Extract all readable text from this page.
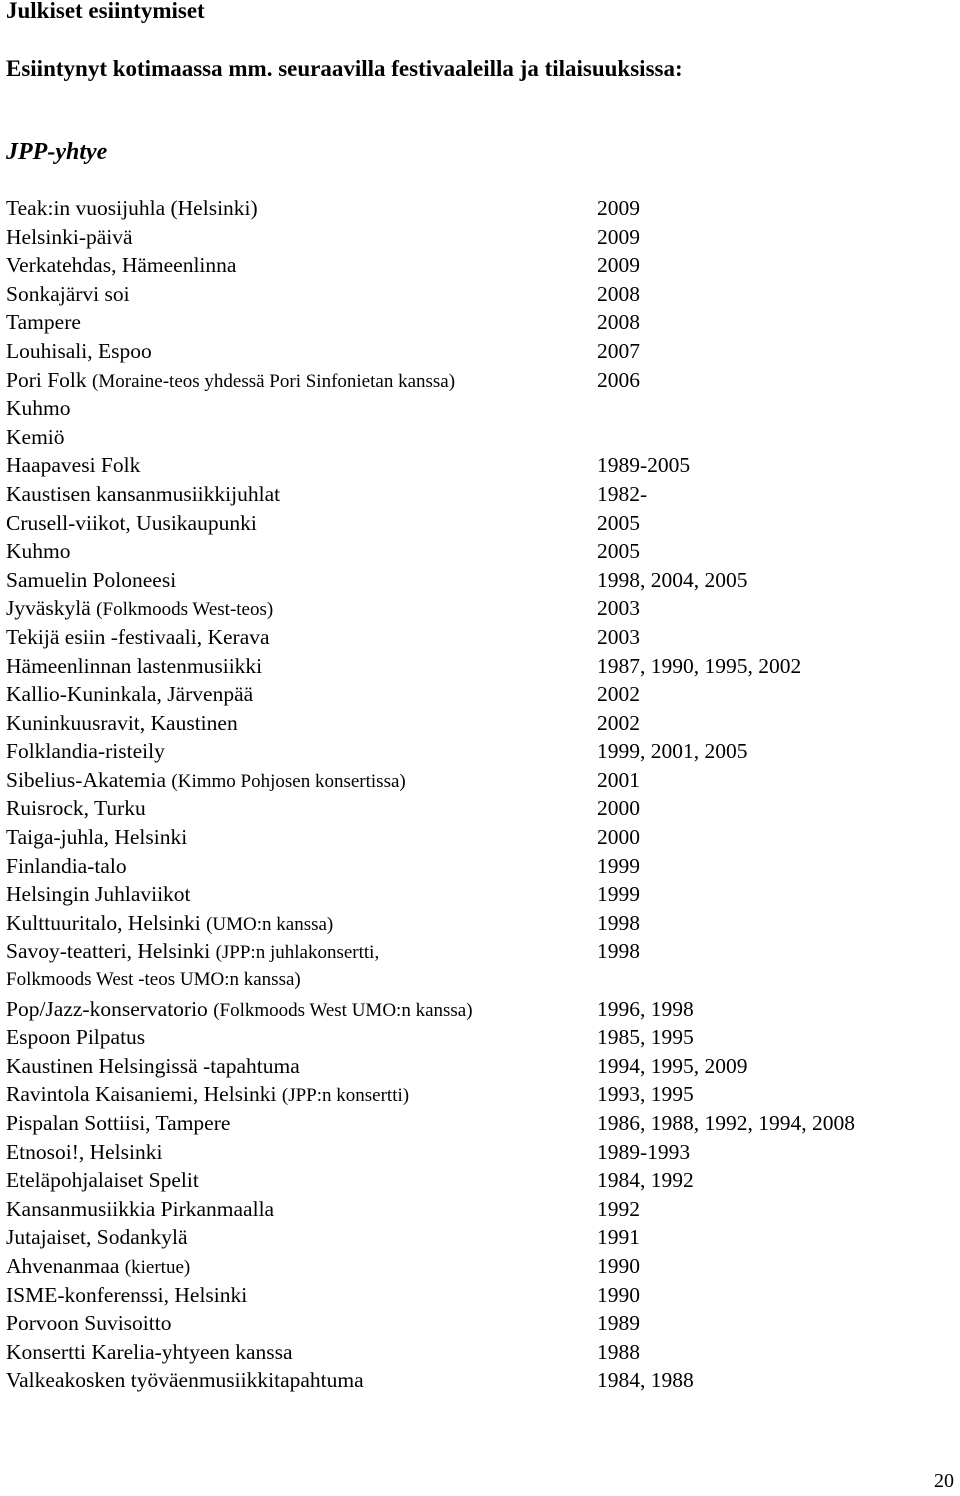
Julkiset esiintymiset
Esiintynyt kotimaassa mm. seuraavilla festivaaleilla ja tilaisuuksissa:
JPP-yhtye
Teak:in vuosijuhla (Helsinki)	2009
Helsinki-päivä	2009
Verkatehdas, Hämeenlinna	2009
Sonkajärvi soi	2008
Tampere	2008
Louhisali, Espoo	2007
Pori Folk (Moraine-teos yhdessä Pori Sinfonietan kanssa)	2006
Kuhmo
Kemiö
Haapavesi Folk	1989-2005
Kaustisen kansanmusiikkijuhlat	1982-
Crusell-viikot, Uusikaupunki	2005
Kuhmo	2005
Samuelin Poloneesi	1998, 2004, 2005
Jyväskylä (Folkmoods West-teos)	2003
Tekijä esiin -festivaali, Kerava	2003
Hämeenlinnan lastenmusiikki	1987, 1990, 1995, 2002
Kallio-Kuninkala, Järvenpää	2002
Kuninkuusravit, Kaustinen	2002
Folklandia-risteily	1999, 2001, 2005
Sibelius-Akatemia (Kimmo Pohjosen konsertissa)	2001
Ruisrock, Turku	2000
Taiga-juhla, Helsinki	2000
Finlandia-talo	1999
Helsingin Juhlaviikot	1999
Kulttuuritalo, Helsinki (UMO:n kanssa)	1998
Savoy-teatteri, Helsinki (JPP:n juhlakonsertti,	1998
Folkmoods West -teos UMO:n kanssa)
Pop/Jazz-konservatorio (Folkmoods West UMO:n kanssa)	1996, 1998
Espoon Pilpatus	1985, 1995
Kaustinen Helsingissä -tapahtuma	1994, 1995, 2009
Ravintola Kaisaniemi, Helsinki (JPP:n konsertti)	1993, 1995
Pispalan Sottiisi, Tampere	1986, 1988, 1992, 1994, 2008
Etnosoi!, Helsinki	1989-1993
Eteläpohjalaiset Spelit	1984, 1992
Kansanmusiikkia Pirkanmaalla	1992
Jutajaiset, Sodankylä	1991
Ahvenanmaa (kiertue)	1990
ISME-konferenssi, Helsinki	1990
Porvoon Suvisoitto	1989
Konsertti Karelia-yhtyeen kanssa	1988
Valkeakosken työväenmusiikkitapahtuma	1984, 1988
20
